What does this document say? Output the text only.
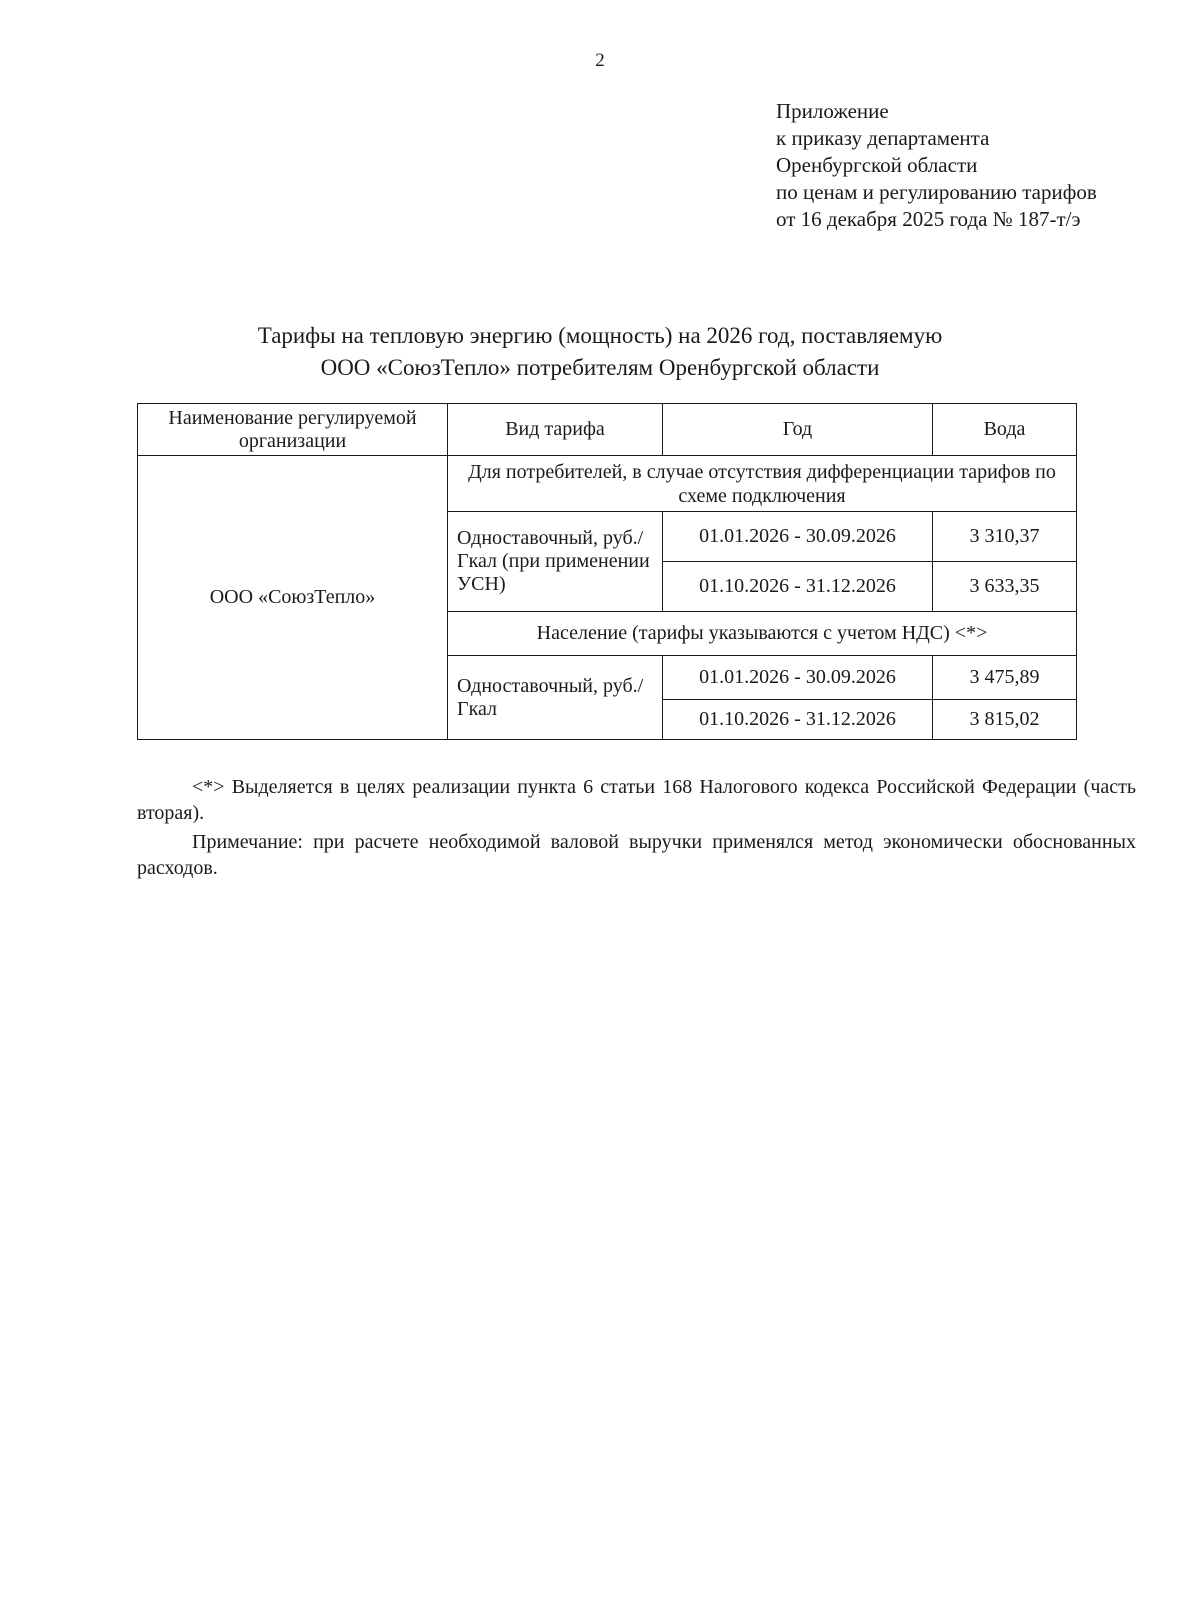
2
Приложение
к приказу департамента
Оренбургской области
по ценам и регулированию тарифов
от 16 декабря 2025 года № 187-т/э
Тарифы на тепловую энергию (мощность) на 2026 год, поставляемую
ООО «СоюзТепло» потребителям Оренбургской области
Наименование регулируемой организации	Вид тарифа	Год	Вода
ООО «СоюзТепло»	Для потребителей, в случае отсутствия дифференциации тарифов по схеме подключения		
	Одноставочный, руб./Гкал (при применении УСН)	01.01.2026 - 30.09.2026	3 310,37
		01.10.2026 - 31.12.2026	3 633,35
	Население (тарифы указываются с учетом НДС) <*>		
	Одноставочный, руб./Гкал	01.01.2026 - 30.09.2026	3 475,89
		01.10.2026 - 31.12.2026	3 815,02

<*> Выделяется в целях реализации пункта 6 статьи 168 Налогового кодекса Российской Федерации (часть вторая).

Примечание: при расчете необходимой валовой выручки применялся метод экономически обоснованных расходов.
